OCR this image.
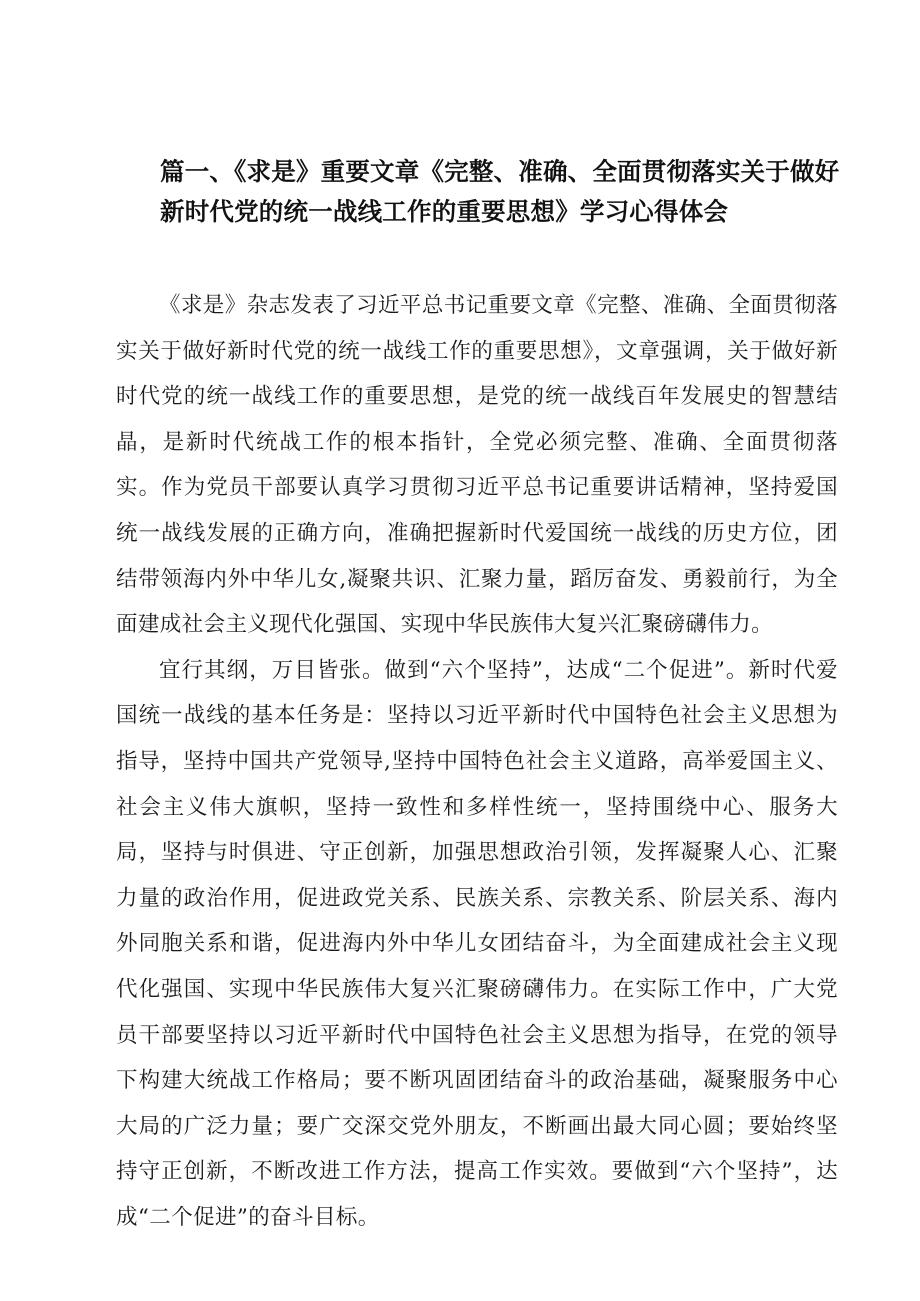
篇一、《求是》重要文章《完整、准确、全面贯彻落实关于做好新时代党的统一战线工作的重要思想》学习心得体会

《求是》杂志发表了习近平总书记重要文章《完整、准确、全面贯彻落实关于做好新时代党的统一战线工作的重要思想》，文章强调，关于做好新时代党的统一战线工作的重要思想，是党的统一战线百年发展史的智慧结晶，是新时代统战工作的根本指针，全党必须完整、准确、全面贯彻落实。作为党员干部要认真学习贯彻习近平总书记重要讲话精神，坚持爱国统一战线发展的正确方向，准确把握新时代爱国统一战线的历史方位，团结带领海内外中华儿女,凝聚共识、汇聚力量，蹈厉奋发、勇毅前行，为全面建成社会主义现代化强国、实现中华民族伟大复兴汇聚磅礴伟力。

宜行其纲，万目皆张。做到“六个坚持”，达成“二个促进”。新时代爱国统一战线的基本任务是：坚持以习近平新时代中国特色社会主义思想为指导，坚持中国共产党领导,坚持中国特色社会主义道路，高举爱国主义、社会主义伟大旗帜，坚持一致性和多样性统一，坚持围绕中心、服务大局，坚持与时俱进、守正创新，加强思想政治引领，发挥凝聚人心、汇聚力量的政治作用，促进政党关系、民族关系、宗教关系、阶层关系、海内外同胞关系和谐，促进海内外中华儿女团结奋斗，为全面建成社会主义现代化强国、实现中华民族伟大复兴汇聚磅礴伟力。在实际工作中，广大党员干部要坚持以习近平新时代中国特色社会主义思想为指导，在党的领导下构建大统战工作格局；要不断巩固团结奋斗的政治基础，凝聚服务中心大局的广泛力量；要广交深交党外朋友，不断画出最大同心圆；要始终坚持守正创新，不断改进工作方法，提高工作实效。要做到“六个坚持”，达成“二个促进”的奋斗目标。
